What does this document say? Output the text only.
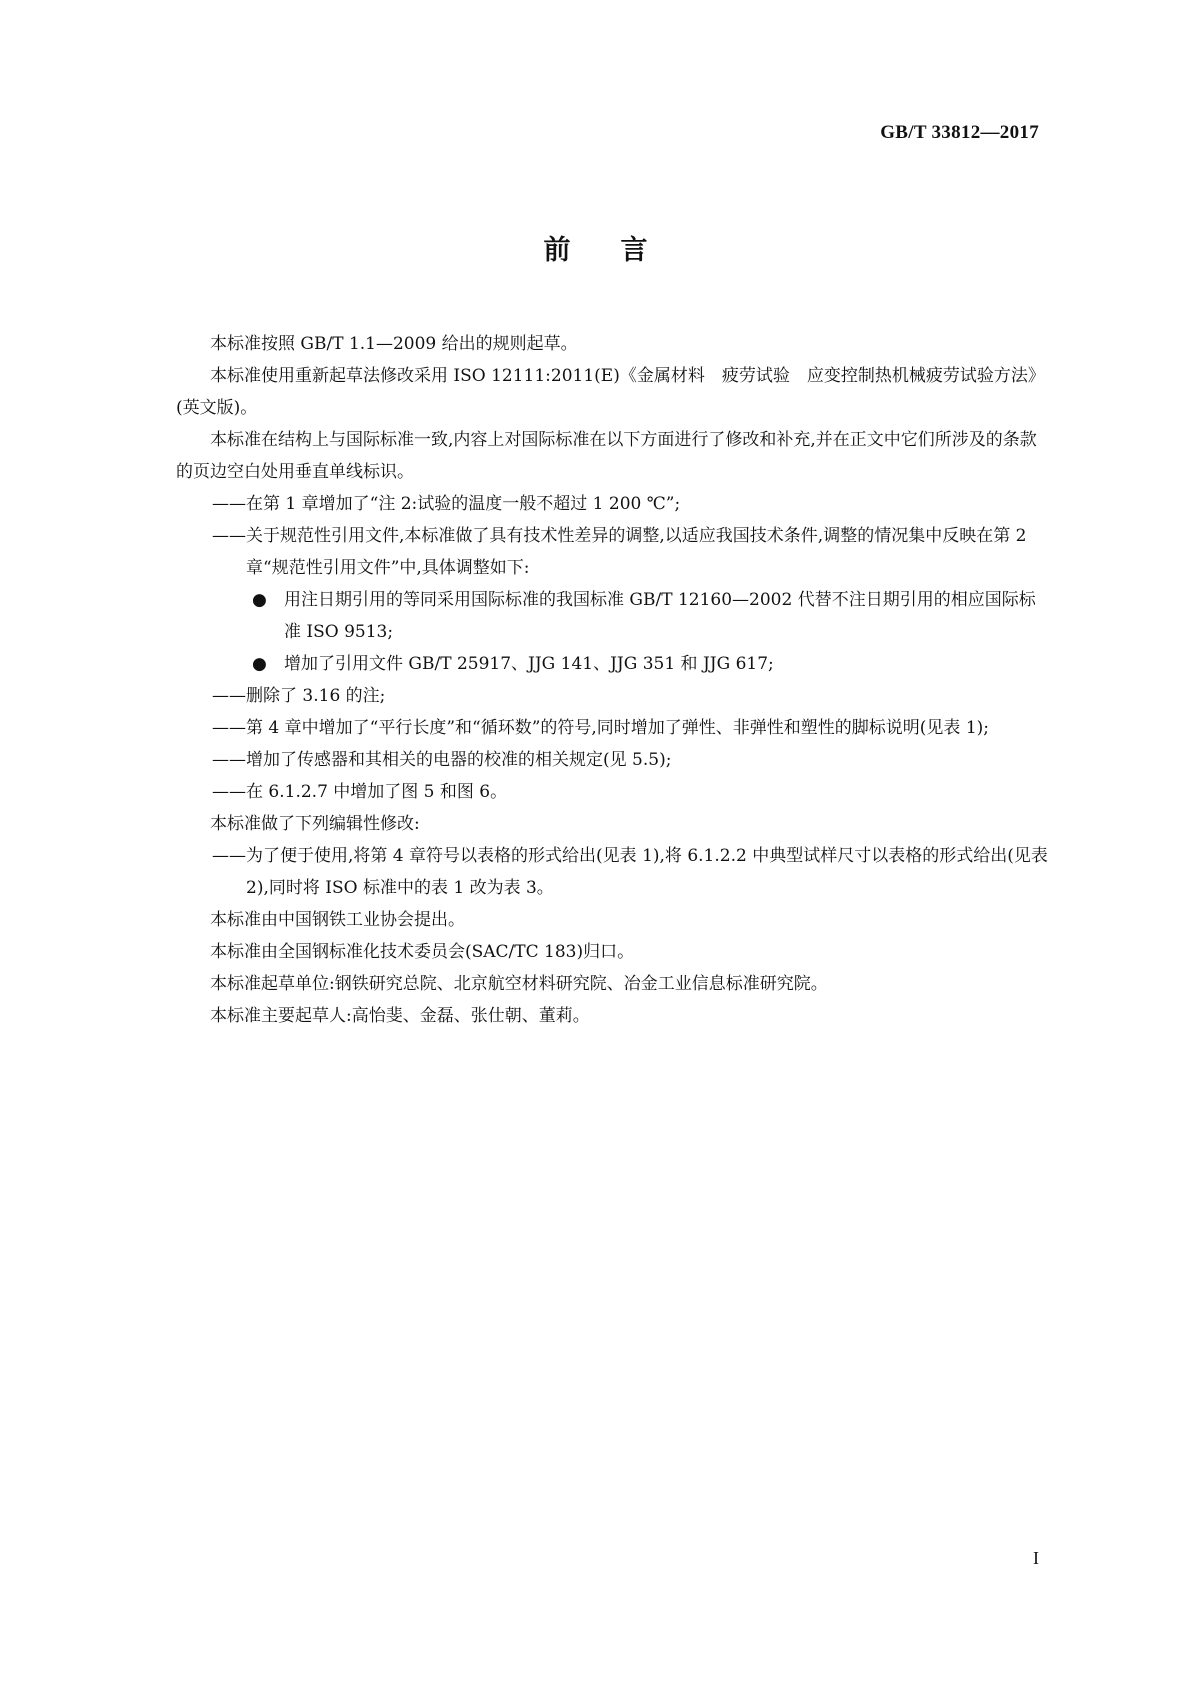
GB/T 33812—2017
前言

本标准按照 GB/T 1.1—2009 给出的规则起草。

本标准使用重新起草法修改采用 ISO 12111:2011(E)《金属材料　疲劳试验　应变控制热机械疲劳试验方法》(英文版)。

本标准在结构上与国际标准一致,内容上对国际标准在以下方面进行了修改和补充,并在正文中它们所涉及的条款的页边空白处用垂直单线标识。

—— 在第 1 章增加了“注 2:试验的温度一般不超过 1 200 ℃”;
—— 关于规范性引用文件,本标准做了具有技术性差异的调整,以适应我国技术条件,调整的情况集中反映在第 2 章“规范性引用文件”中,具体调整如下:
● 用注日期引用的等同采用国际标准的我国标准 GB/T 12160—2002 代替不注日期引用的相应国际标准 ISO 9513;
● 增加了引用文件 GB/T 25917、JJG 141、JJG 351 和 JJG 617;
—— 删除了 3.16 的注;
—— 第 4 章中增加了“平行长度”和“循环数”的符号,同时增加了弹性、非弹性和塑性的脚标说明(见表 1);
—— 增加了传感器和其相关的电器的校准的相关规定(见 5.5);
—— 在 6.1.2.7 中增加了图 5 和图 6。

本标准做了下列编辑性修改:

—— 为了便于使用,将第 4 章符号以表格的形式给出(见表 1),将 6.1.2.2 中典型试样尺寸以表格的形式给出(见表 2),同时将 ISO 标准中的表 1 改为表 3。

本标准由中国钢铁工业协会提出。

本标准由全国钢标准化技术委员会(SAC/TC 183)归口。

本标准起草单位:钢铁研究总院、北京航空材料研究院、冶金工业信息标准研究院。

本标准主要起草人:高怡斐、金磊、张仕朝、董莉。

I
